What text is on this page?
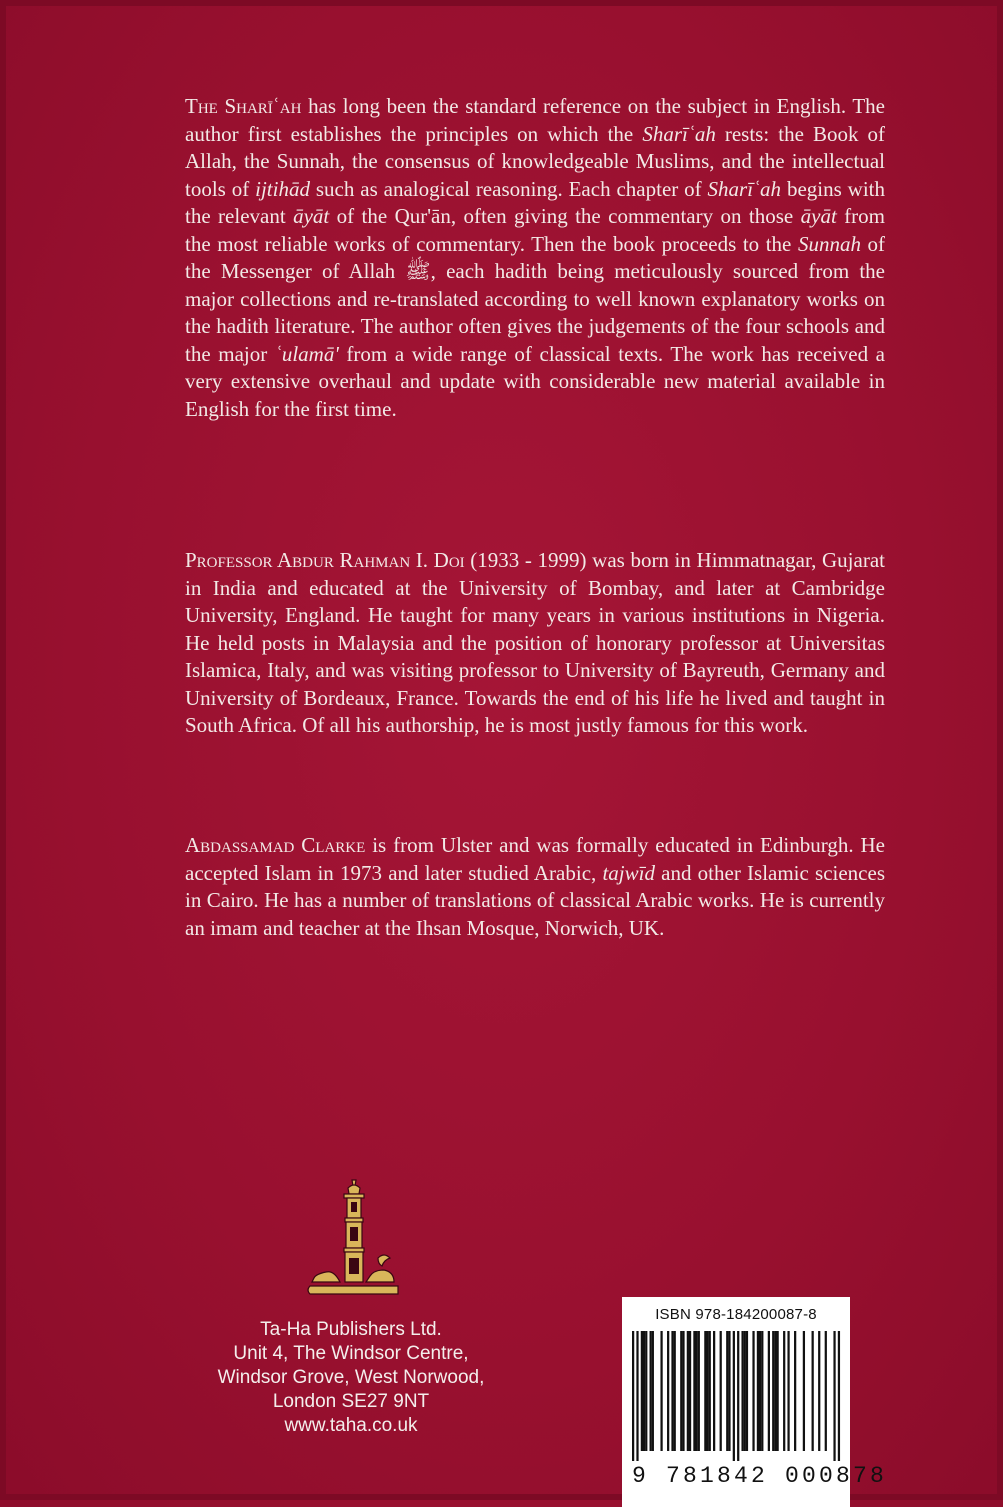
The Sharīʿah has long been the standard reference on the subject in English. The author first establishes the principles on which the Sharīʿah rests: the Book of Allah, the Sunnah, the consensus of knowledgeable Muslims, and the intellectual tools of ijtihād such as analogical reasoning. Each chapter of Sharīʿah begins with the relevant āyāt of the Qur'ān, often giving the commentary on those āyāt from the most reliable works of commentary. Then the book proceeds to the Sunnah of the Messenger of Allah ﷺ, each hadith being meticulously sourced from the major collections and re-translated according to well known explanatory works on the hadith literature. The author often gives the judgements of the four schools and the major ʿulamā' from a wide range of classical texts. The work has received a very extensive overhaul and update with considerable new material available in English for the first time.

Professor Abdur Rahman I. Doi (1933 - 1999) was born in Himmatnagar, Gujarat in India and educated at the University of Bombay, and later at Cambridge University, England. He taught for many years in various institutions in Nigeria. He held posts in Malaysia and the position of honorary professor at Universitas Islamica, Italy, and was visiting professor to University of Bayreuth, Germany and University of Bordeaux, France. Towards the end of his life he lived and taught in South Africa. Of all his authorship, he is most justly famous for this work.

Abdassamad Clarke is from Ulster and was formally educated in Edinburgh. He accepted Islam in 1973 and later studied Arabic, tajwīd and other Islamic sciences in Cairo. He has a number of translations of classical Arabic works. He is currently an imam and teacher at the Ihsan Mosque, Norwich, UK.

Ta-Ha Publishers Ltd.
Unit 4, The Windsor Centre,
Windsor Grove, West Norwood,
London SE27 9NT
www.taha.co.uk
ISBN 978-184200087-8
9 781842 000878
